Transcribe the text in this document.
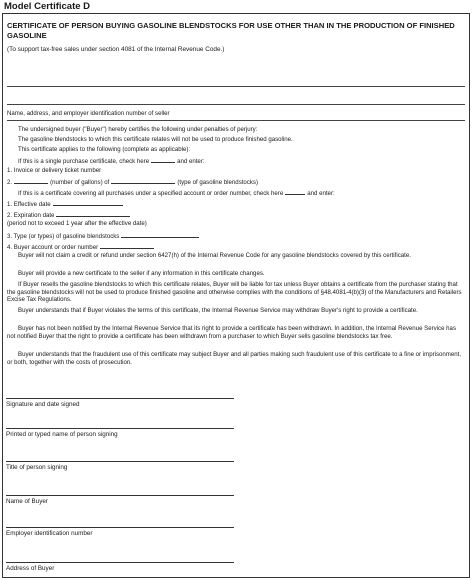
Model Certificate D
CERTIFICATE OF PERSON BUYING GASOLINE BLENDSTOCKS FOR USE OTHER THAN IN THE PRODUCTION OF FINISHED GASOLINE
(To support tax-free sales under section 4081 of the Internal Revenue Code.)
Name, address, and employer identification number of seller
The undersigned buyer ("Buyer") hereby certifies the following under penalties of perjury:
The gasoline blendstocks to which this certificate relates will not be used to produce finished gasoline.
This certificate applies to the following (complete as applicable):
If this is a single purchase certificate, check here	and enter:
1. Invoice or delivery ticket number
2.	(number of gallons) of	(type of gasoline blendstocks)
If this is a certificate covering all purchases under a specified account or order number, check here	and enter:
1. Effective date
2. Expiration date
(period not to exceed 1 year after the effective date)
3. Type (or types) of gasoline blendstocks
4. Buyer account or order number
Buyer will not claim a credit or refund under section 6427(h) of the Internal Revenue Code for any gasoline blendstocks covered by this certificate.
Buyer will provide a new certificate to the seller if any information in this certificate changes.
If Buyer resells the gasoline blendstocks to which this certificate relates, Buyer will be liable for tax unless Buyer obtains a certificate from the purchaser stating that the gasoline blendstocks will not be used to produce finished gasoline and otherwise complies with the conditions of §48.4081-4(b)(3) of the Manufacturers and Retailers Excise Tax Regulations.
Buyer understands that if Buyer violates the terms of this certificate, the Internal Revenue Service may withdraw Buyer's right to provide a certificate.
Buyer has not been notified by the Internal Revenue Service that its right to provide a certificate has been withdrawn. In addition, the Internal Revenue Service has not notified Buyer that the right to provide a certificate has been withdrawn from a purchaser to which Buyer sells gasoline blendstocks tax free.
Buyer understands that the fraudulent use of this certificate may subject Buyer and all parties making such fraudulent use of this certificate to a fine or imprisonment, or both, together with the costs of prosecution.
Signature and date signed
Printed or typed name of person signing
Title of person signing
Name of Buyer
Employer identification number
Address of Buyer
